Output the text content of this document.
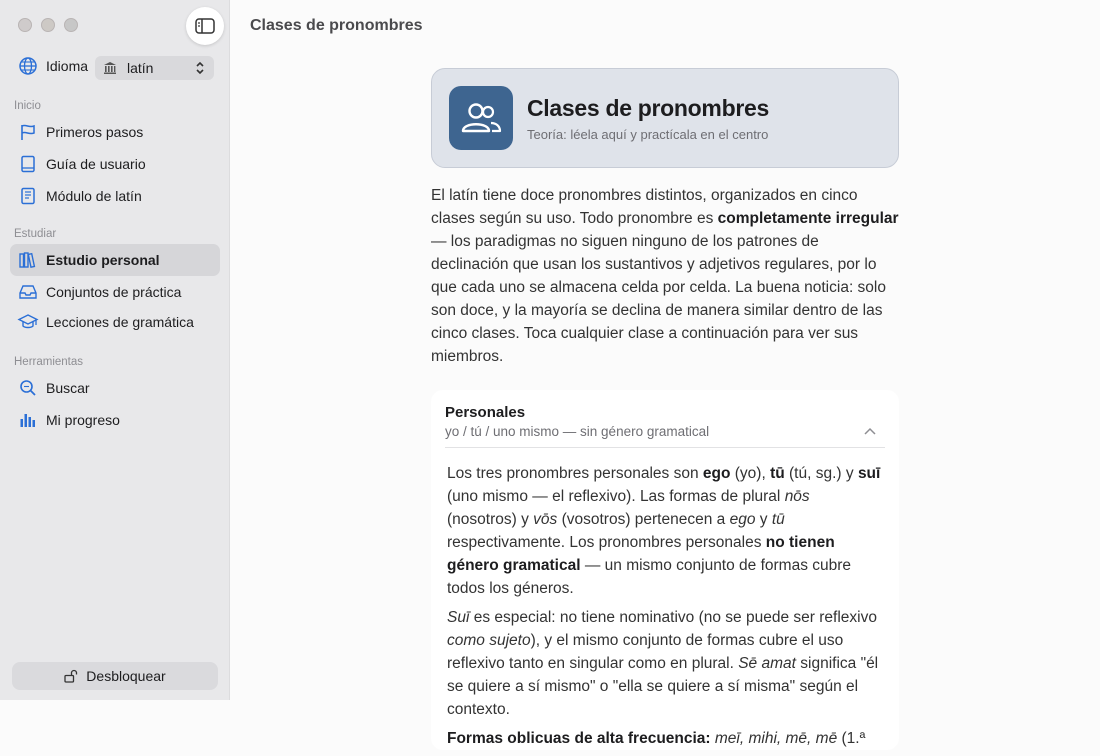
Idioma	latín
Inicio
Primeros pasos
Guía de usuario
Módulo de latín
Estudiar
Estudio personal
Conjuntos de práctica
Lecciones de gramática
Herramientas
Buscar
Mi progreso
Desbloquear
Clases de pronombres
Clases de pronombres
Teoría: léela aquí y practícala en el centro

El latín tiene doce pronombres distintos, organizados en cinco clases según su uso. Todo pronombre es completamente irregular — los paradigmas no siguen ninguno de los patrones de declinación que usan los sustantivos y adjetivos regulares, por lo que cada uno se almacena celda por celda. La buena noticia: solo son doce, y la mayoría se declina de manera similar dentro de las cinco clases. Toca cualquier clase a continuación para ver sus miembros.

Personales
yo / tú / uno mismo — sin género gramatical

Los tres pronombres personales son ego (yo), tū (tú, sg.) y suī (uno mismo — el reflexivo). Las formas de plural nōs (nosotros) y vōs (vosotros) pertenecen a ego y tū respectivamente. Los pronombres personales no tienen género gramatical — un mismo conjunto de formas cubre todos los géneros.

Suī es especial: no tiene nominativo (no se puede ser reflexivo como sujeto), y el mismo conjunto de formas cubre el uso reflexivo tanto en singular como en plural. Sē amat significa "él se quiere a sí mismo" o "ella se quiere a sí misma" según el contexto.

Formas oblicuas de alta frecuencia: meī, mihi, mē, mē (1.ª
